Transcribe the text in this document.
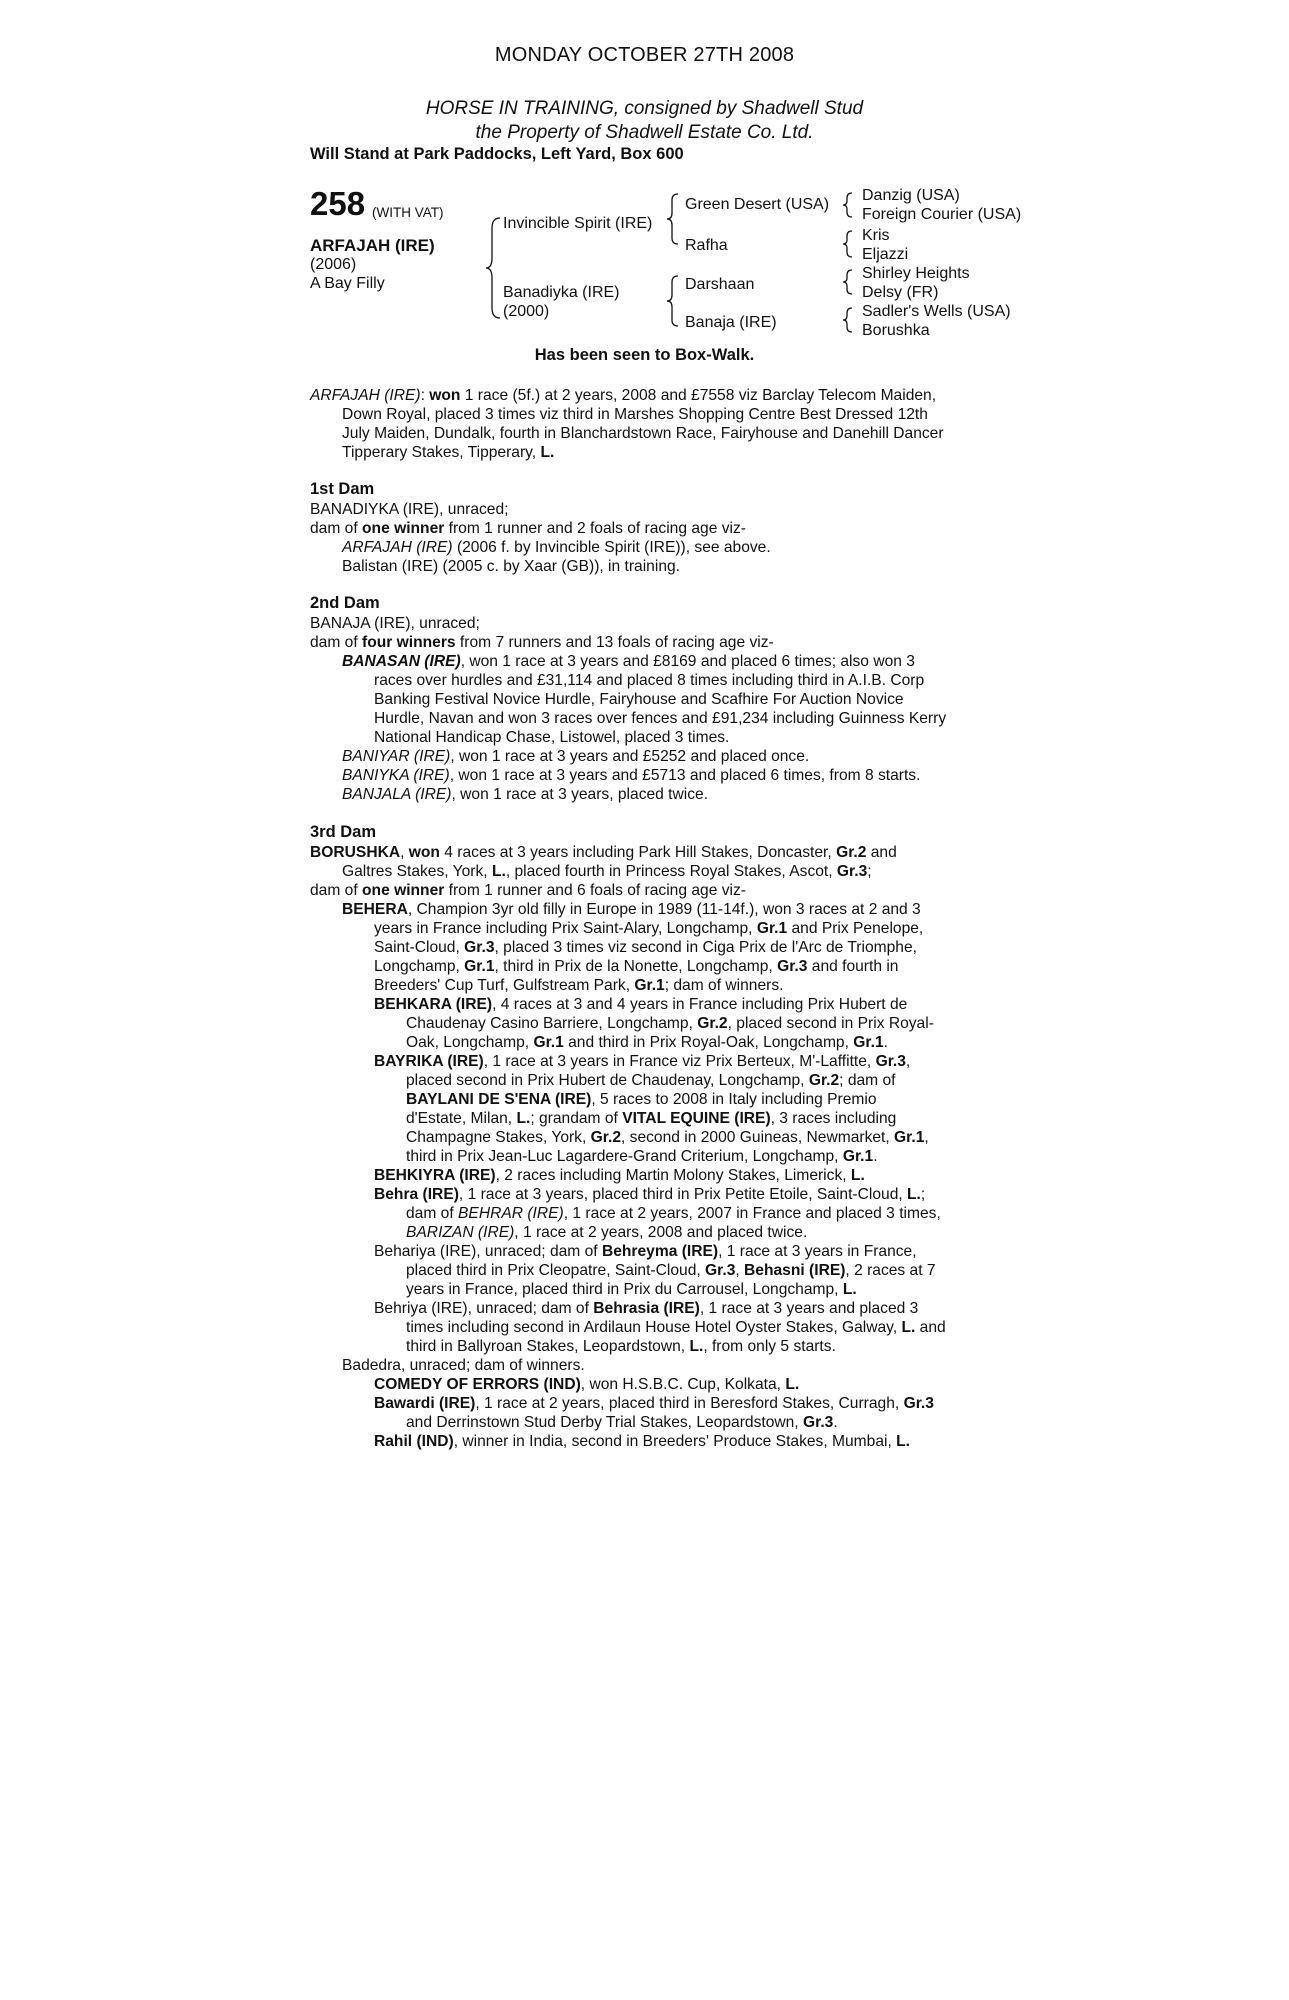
MONDAY OCTOBER 27TH 2008
HORSE IN TRAINING, consigned by Shadwell Stud
the Property of Shadwell Estate Co. Ltd.
Will Stand at Park Paddocks, Left Yard, Box 600
258 (WITH VAT)
ARFAJAH (IRE)
(2006)
A Bay Filly
Invincible Spirit (IRE)
Banadiyka (IRE)
(2000)
Green Desert (USA)
Rafha
Darshaan
Banaja (IRE)
Danzig (USA)
Foreign Courier (USA)
Kris
Eljazzi
Shirley Heights
Delsy (FR)
Sadler's Wells (USA)
Borushka
Has been seen to Box-Walk.
ARFAJAH (IRE): won 1 race (5f.) at 2 years, 2008 and £7558 viz Barclay Telecom Maiden,
Down Royal, placed 3 times viz third in Marshes Shopping Centre Best Dressed 12th
July Maiden, Dundalk, fourth in Blanchardstown Race, Fairyhouse and Danehill Dancer
Tipperary Stakes, Tipperary, L.
1st Dam
BANADIYKA (IRE), unraced;
dam of one winner from 1 runner and 2 foals of racing age viz-
ARFAJAH (IRE) (2006 f. by Invincible Spirit (IRE)), see above.
Balistan (IRE) (2005 c. by Xaar (GB)), in training.
2nd Dam
BANAJA (IRE), unraced;
dam of four winners from 7 runners and 13 foals of racing age viz-
BANASAN (IRE), won 1 race at 3 years and £8169 and placed 6 times; also won 3
races over hurdles and £31,114 and placed 8 times including third in A.I.B. Corp
Banking Festival Novice Hurdle, Fairyhouse and Scafhire For Auction Novice
Hurdle, Navan and won 3 races over fences and £91,234 including Guinness Kerry
National Handicap Chase, Listowel, placed 3 times.
BANIYAR (IRE), won 1 race at 3 years and £5252 and placed once.
BANIYKA (IRE), won 1 race at 3 years and £5713 and placed 6 times, from 8 starts.
BANJALA (IRE), won 1 race at 3 years, placed twice.
3rd Dam
BORUSHKA, won 4 races at 3 years including Park Hill Stakes, Doncaster, Gr.2 and
Galtres Stakes, York, L., placed fourth in Princess Royal Stakes, Ascot, Gr.3;
dam of one winner from 1 runner and 6 foals of racing age viz-
BEHERA, Champion 3yr old filly in Europe in 1989 (11-14f.), won 3 races at 2 and 3
years in France including Prix Saint-Alary, Longchamp, Gr.1 and Prix Penelope,
Saint-Cloud, Gr.3, placed 3 times viz second in Ciga Prix de l'Arc de Triomphe,
Longchamp, Gr.1, third in Prix de la Nonette, Longchamp, Gr.3 and fourth in
Breeders' Cup Turf, Gulfstream Park, Gr.1; dam of winners.
BEHKARA (IRE), 4 races at 3 and 4 years in France including Prix Hubert de
Chaudenay Casino Barriere, Longchamp, Gr.2, placed second in Prix Royal-
Oak, Longchamp, Gr.1 and third in Prix Royal-Oak, Longchamp, Gr.1.
BAYRIKA (IRE), 1 race at 3 years in France viz Prix Berteux, M'-Laffitte, Gr.3,
placed second in Prix Hubert de Chaudenay, Longchamp, Gr.2; dam of
BAYLANI DE S'ENA (IRE), 5 races to 2008 in Italy including Premio
d'Estate, Milan, L.; grandam of VITAL EQUINE (IRE), 3 races including
Champagne Stakes, York, Gr.2, second in 2000 Guineas, Newmarket, Gr.1,
third in Prix Jean-Luc Lagardere-Grand Criterium, Longchamp, Gr.1.
BEHKIYRA (IRE), 2 races including Martin Molony Stakes, Limerick, L.
Behra (IRE), 1 race at 3 years, placed third in Prix Petite Etoile, Saint-Cloud, L.;
dam of BEHRAR (IRE), 1 race at 2 years, 2007 in France and placed 3 times,
BARIZAN (IRE), 1 race at 2 years, 2008 and placed twice.
Behariya (IRE), unraced; dam of Behreyma (IRE), 1 race at 3 years in France,
placed third in Prix Cleopatre, Saint-Cloud, Gr.3, Behasni (IRE), 2 races at 7
years in France, placed third in Prix du Carrousel, Longchamp, L.
Behriya (IRE), unraced; dam of Behrasia (IRE), 1 race at 3 years and placed 3
times including second in Ardilaun House Hotel Oyster Stakes, Galway, L. and
third in Ballyroan Stakes, Leopardstown, L., from only 5 starts.
Badedra, unraced; dam of winners.
COMEDY OF ERRORS (IND), won H.S.B.C. Cup, Kolkata, L.
Bawardi (IRE), 1 race at 2 years, placed third in Beresford Stakes, Curragh, Gr.3
and Derrinstown Stud Derby Trial Stakes, Leopardstown, Gr.3.
Rahil (IND), winner in India, second in Breeders' Produce Stakes, Mumbai, L.
